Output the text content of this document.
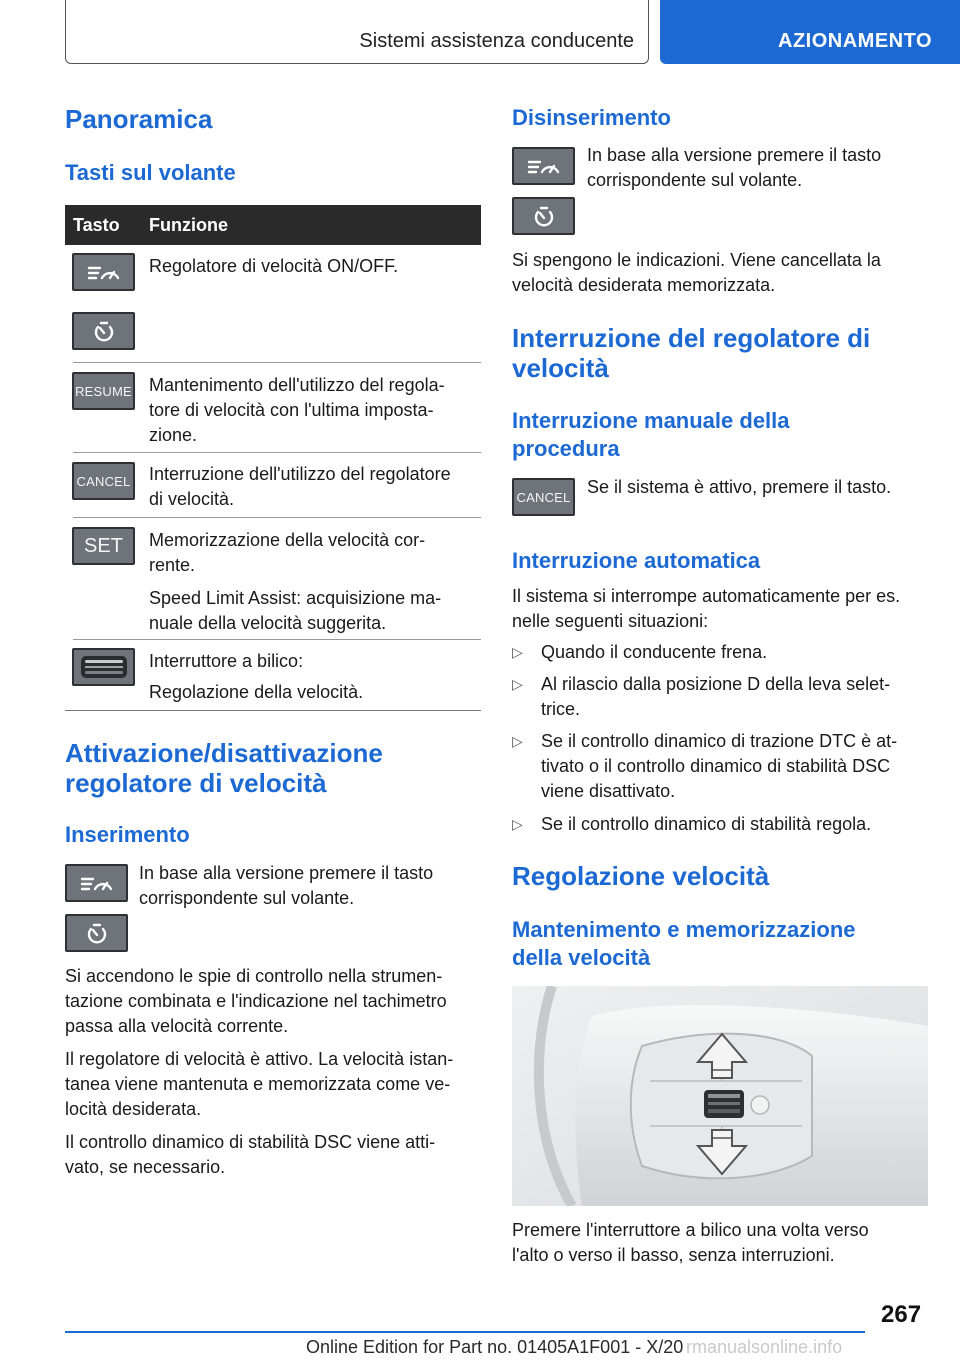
Sistemi assistenza conducente	AZIONAMENTO
Panoramica
Tasti sul volante
Tasto Funzione
Regolatore di velocità ON/OFF.
RESUME Mantenimento dell'utilizzo del regola-
tore di velocità con l'ultima imposta-
zione.
CANCEL Interruzione dell'utilizzo del regolatore
di velocità.
SET Memorizzazione della velocità cor-
rente.
Speed Limit Assist: acquisizione ma-
nuale della velocità suggerita.
Interruttore a bilico:
Regolazione della velocità.
Attivazione/disattivazione
regolatore di velocità
Inserimento
In base alla versione premere il tasto
corrispondente sul volante.
Si accendono le spie di controllo nella strumen-
tazione combinata e l'indicazione nel tachimetro
passa alla velocità corrente.
Il regolatore di velocità è attivo. La velocità istan-
tanea viene mantenuta e memorizzata come ve-
locità desiderata.
Il controllo dinamico di stabilità DSC viene atti-
vato, se necessario.
Disinserimento
In base alla versione premere il tasto
corrispondente sul volante.
Si spengono le indicazioni. Viene cancellata la
velocità desiderata memorizzata.
Interruzione del regolatore di
velocità
Interruzione manuale della
procedura
CANCEL Se il sistema è attivo, premere il tasto.
Interruzione automatica
Il sistema si interrompe automaticamente per es.
nelle seguenti situazioni:
▷ Quando il conducente frena.
▷ Al rilascio dalla posizione D della leva selet-
trice.
▷ Se il controllo dinamico di trazione DTC è at-
tivato o il controllo dinamico di stabilità DSC
viene disattivato.
▷ Se il controllo dinamico di stabilità regola.
Regolazione velocità
Mantenimento e memorizzazione
della velocità
Premere l'interruttore a bilico una volta verso
l'alto o verso il basso, senza interruzioni.
267
Online Edition for Part no. 01405A1F001 - X/20 rmanualsonline.info
